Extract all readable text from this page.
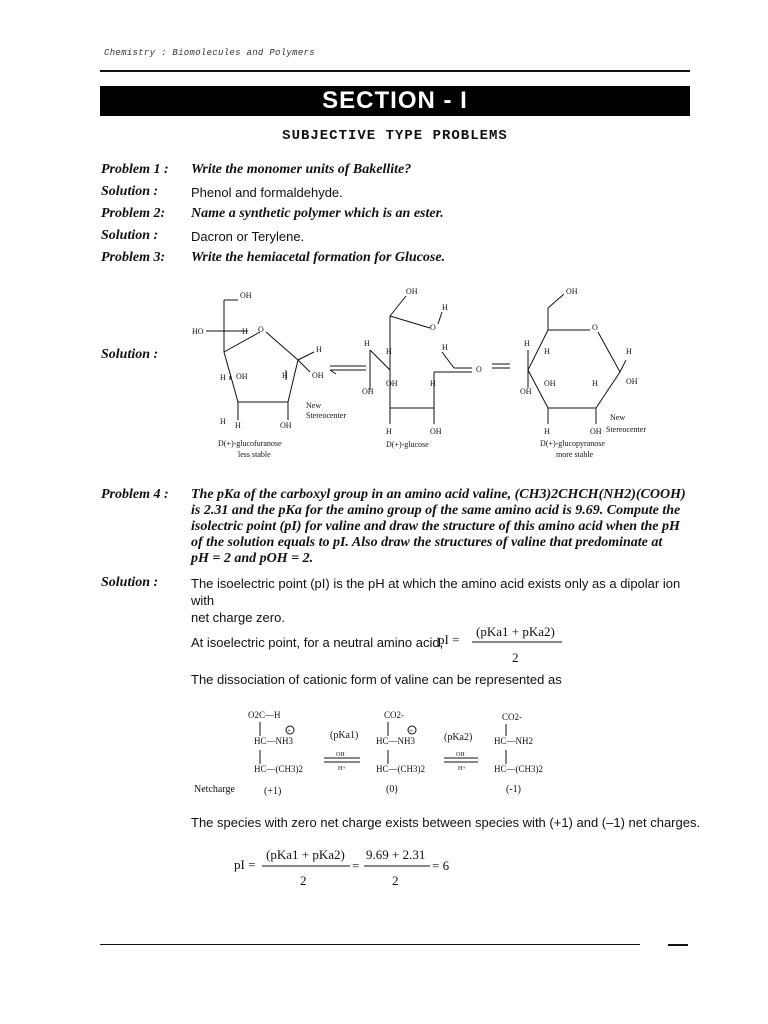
Chemistry : Biomolecules and Polymers
SECTION - I
SUBJECTIVE TYPE PROBLEMS
Problem 1 : Write the monomer units of Bakellite?
Solution :	Phenol and formaldehyde.
Problem 2: Name a synthetic polymer which is an ester.
Solution :	Dacron or Terylene.
Problem 3: Write the hemiacetal formation for Glucose.
Solution :
OH
H
HO
H
O
H
H	OH
H
OH
H	OH
New
Stereocenter
D(+)-glucofuranose
less stable
OH
H
O
H
H	H
O
OH	H
OH
H	OH
D(+)-glucose
OH
O
H
H	H
OH	OH
H
OH
H	OH
New
Stereocenter
D(+)-glucopyranose
more stable
Problem 4 : The pKa of the carboxyl group in an amino acid valine, (CH3)2CHCH(NH2)(COOH)
is 2.31 and the pKa for the amino group of the same amino acid is 9.69. Compute the
isolectric point (pI) for valine and draw the structure of this amino acid when the pH
of the solution equals to pI. Also draw the structures of valine that predominate at
pH = 2 and pOH = 2.
Solution :	The isoelectric point (pI) is the pH at which the amino acid exists only as a dipolar ion with
net charge zero.
At isoelectric point, for a neutral amino acid,
pI =
(pKa1 + pKa2)
2
The dissociation of cationic form of valine can be represented as
O2C—H
HC—NH3
+
HC—(CH3)2
Netcharge	(+1)
(pKa1)
OH
H+
CO2-
HC—NH3
+
HC—(CH3)2
(0)
(pKa2)
OH
H+
CO2-
HC—NH2
HC—(CH3)2
(-1)
The species with zero net charge exists between species with (+1) and (–1) net charges.
pI =
(pKa1 + pKa2)
2
=
9.69 + 2.31
2
= 6
